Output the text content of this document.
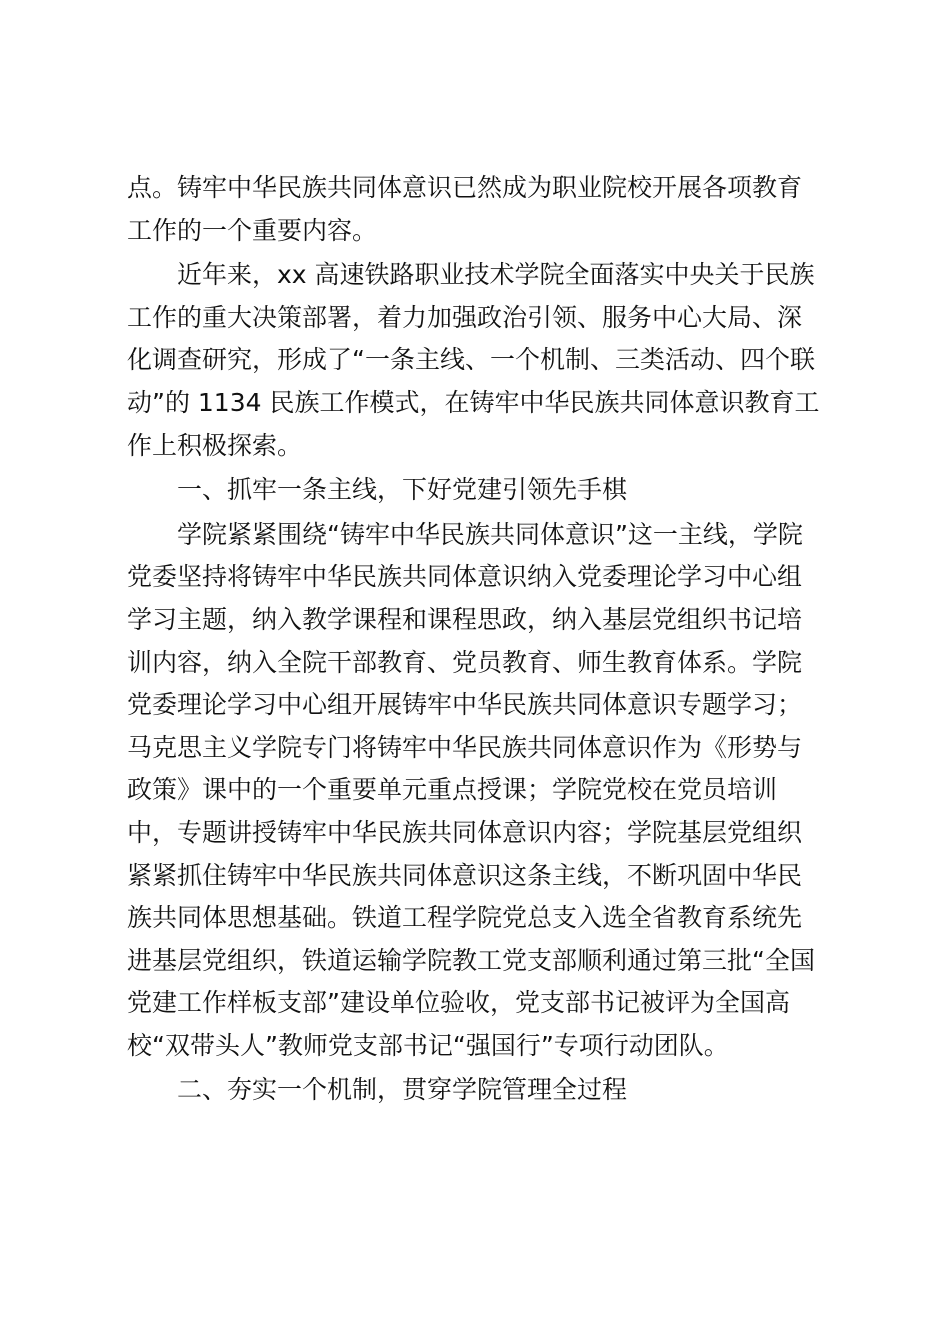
点。铸牢中华民族共同体意识已然成为职业院校开展各项教育
工作的一个重要内容。
近年来，xx 高速铁路职业技术学院全面落实中央关于民族
工作的重大决策部署，着力加强政治引领、服务中心大局、深
化调查研究，形成了“一条主线、一个机制、三类活动、四个联
动”的 1134 民族工作模式，在铸牢中华民族共同体意识教育工
作上积极探索。
一、抓牢一条主线，下好党建引领先手棋
学院紧紧围绕“铸牢中华民族共同体意识”这一主线，学院
党委坚持将铸牢中华民族共同体意识纳入党委理论学习中心组
学习主题，纳入教学课程和课程思政，纳入基层党组织书记培
训内容，纳入全院干部教育、党员教育、师生教育体系。学院
党委理论学习中心组开展铸牢中华民族共同体意识专题学习；
马克思主义学院专门将铸牢中华民族共同体意识作为《形势与
政策》课中的一个重要单元重点授课；学院党校在党员培训
中，专题讲授铸牢中华民族共同体意识内容；学院基层党组织
紧紧抓住铸牢中华民族共同体意识这条主线，不断巩固中华民
族共同体思想基础。铁道工程学院党总支入选全省教育系统先
进基层党组织，铁道运输学院教工党支部顺利通过第三批“全国
党建工作样板支部”建设单位验收，党支部书记被评为全国高
校“双带头人”教师党支部书记“强国行”专项行动团队。
二、夯实一个机制，贯穿学院管理全过程
